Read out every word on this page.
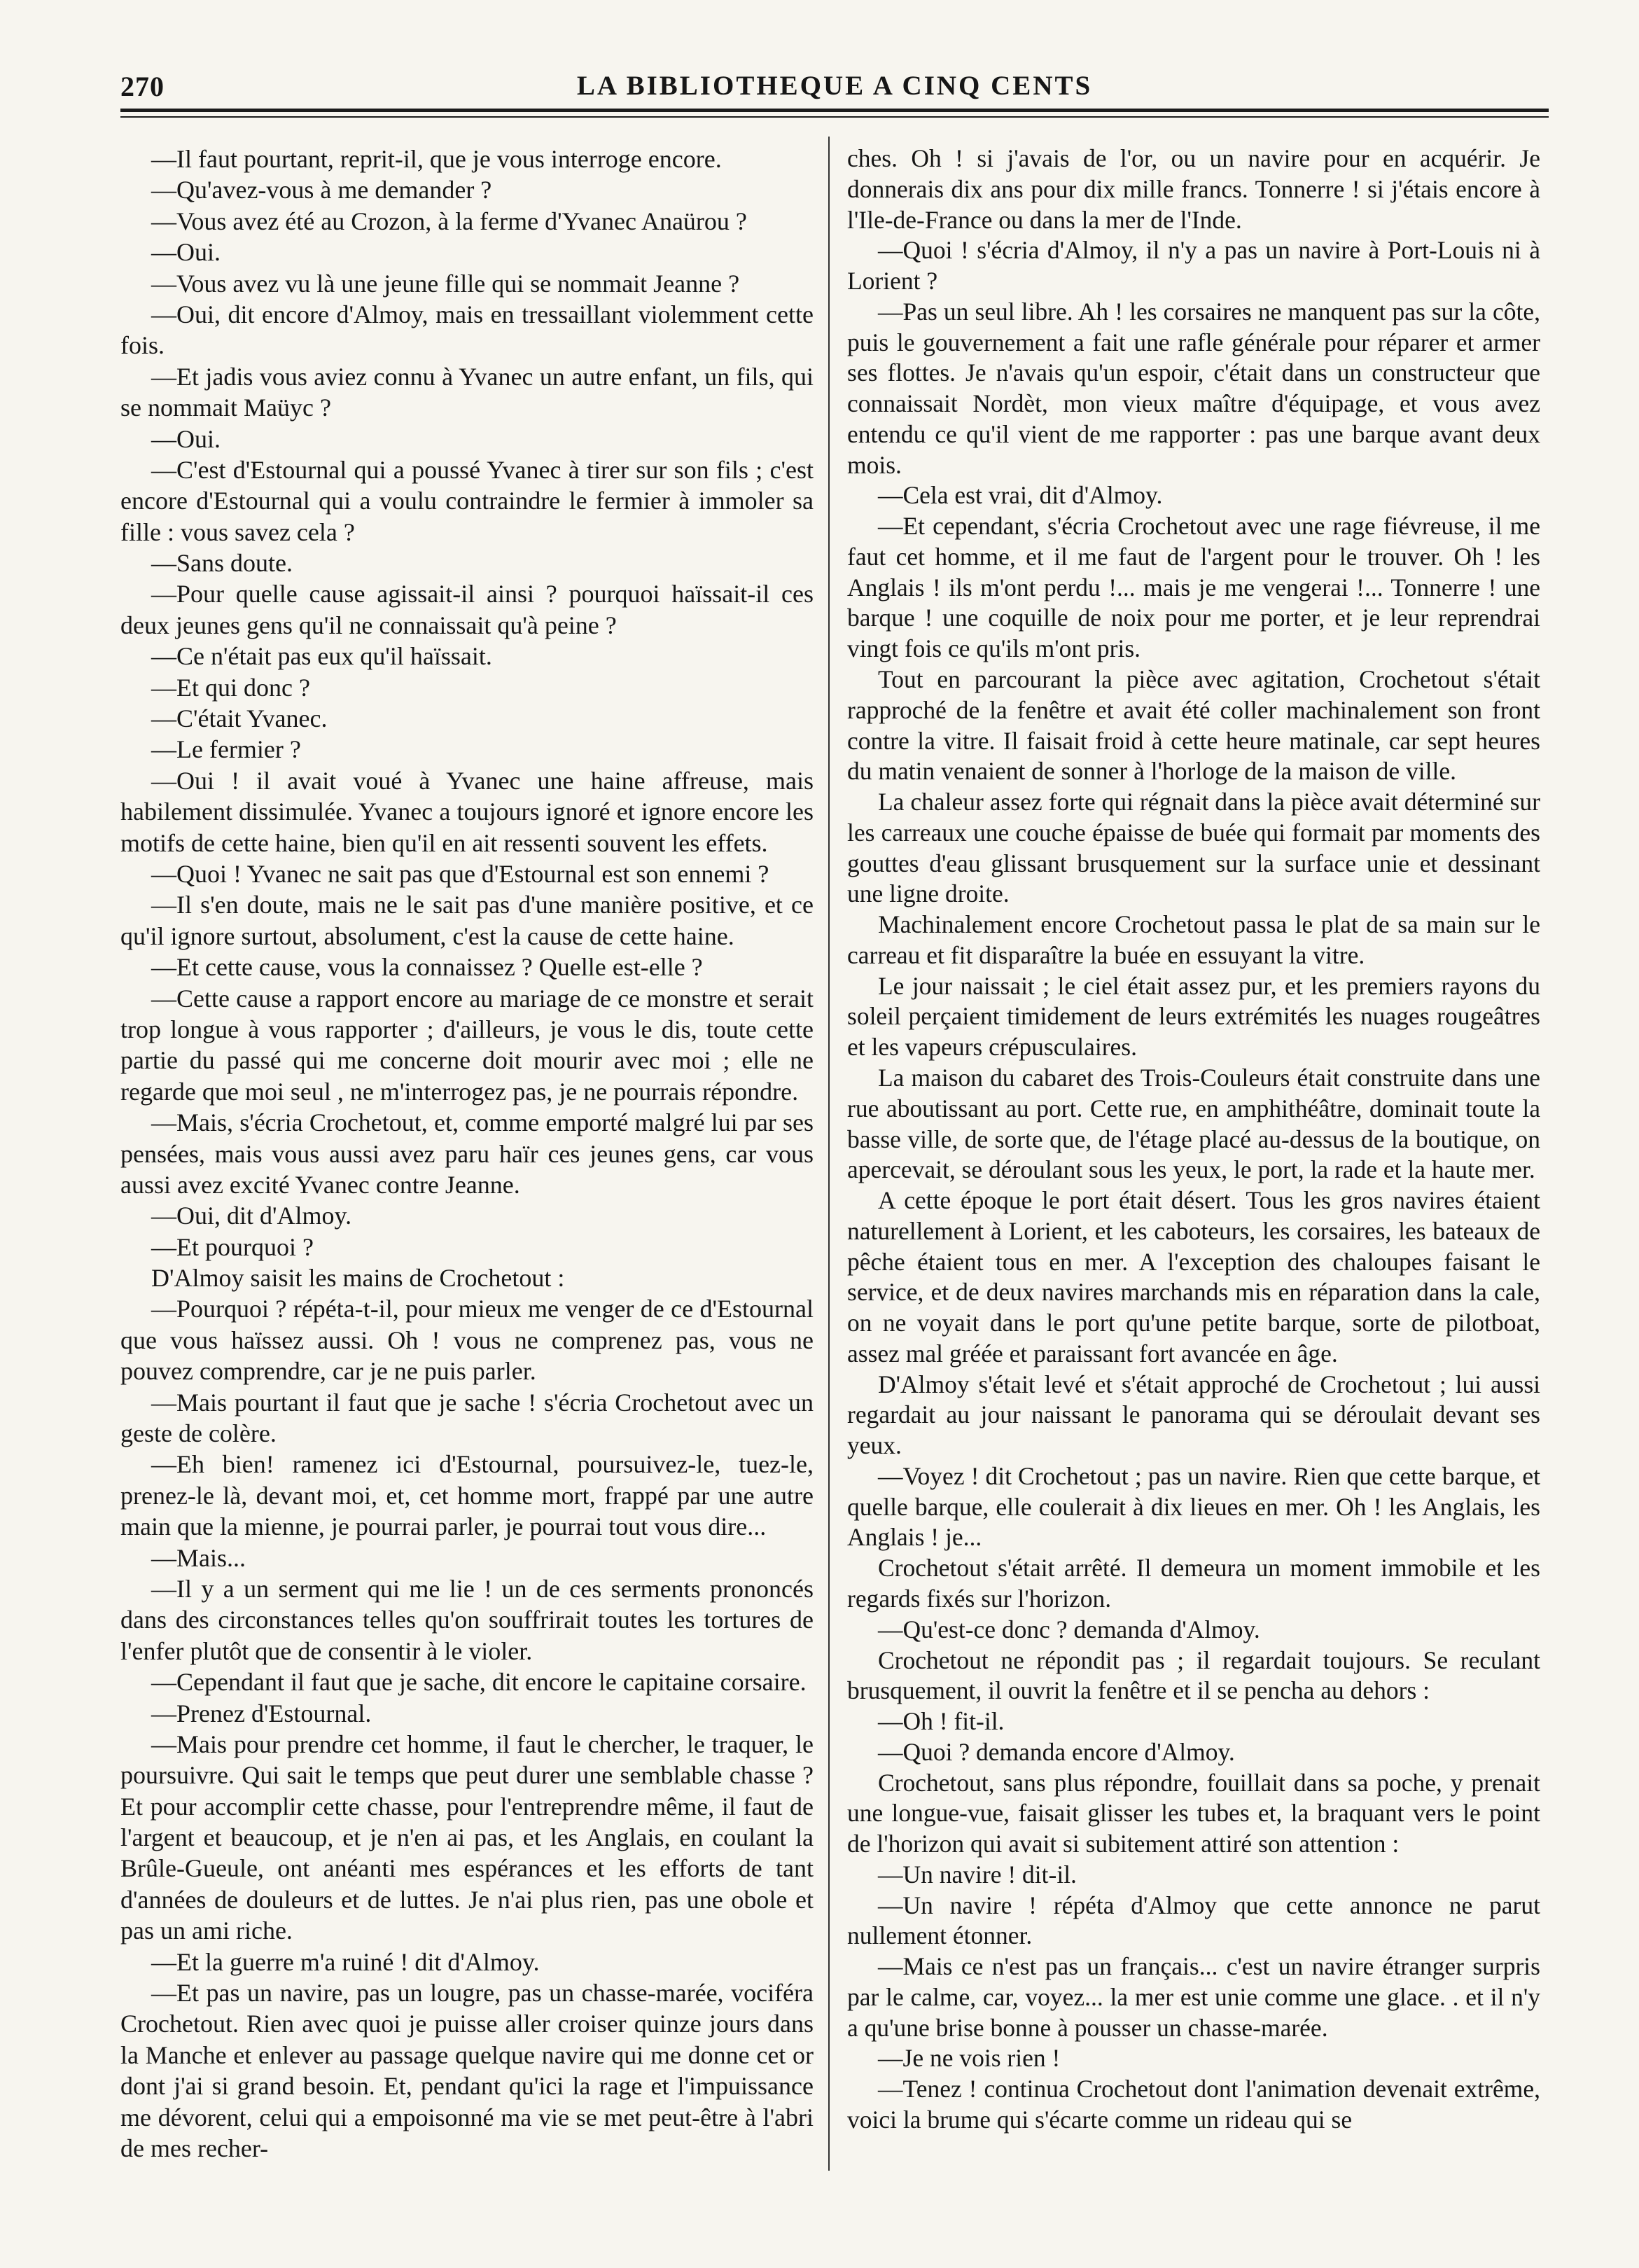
270	LA BIBLIOTHEQUE A CINQ CENTS

—Il faut pourtant, reprit-il, que je vous interroge encore.

—Qu'avez-vous à me demander ?

—Vous avez été au Crozon, à la ferme d'Yvanec Anaürou ?

—Oui.

—Vous avez vu là une jeune fille qui se nommait Jeanne ?

—Oui, dit encore d'Almoy, mais en tressaillant violemment cette fois.

—Et jadis vous aviez connu à Yvanec un autre enfant, un fils, qui se nommait Maüyc ?

—Oui.

—C'est d'Estournal qui a poussé Yvanec à tirer sur son fils ; c'est encore d'Estournal qui a voulu contraindre le fermier à immoler sa fille : vous savez cela ?

—Sans doute.

—Pour quelle cause agissait-il ainsi ? pourquoi haïssait-il ces deux jeunes gens qu'il ne connaissait qu'à peine ?

—Ce n'était pas eux qu'il haïssait.

—Et qui donc ?

—C'était Yvanec.

—Le fermier ?

—Oui ! il avait voué à Yvanec une haine affreuse, mais habilement dissimulée. Yvanec a toujours ignoré et ignore encore les motifs de cette haine, bien qu'il en ait ressenti souvent les effets.

—Quoi ! Yvanec ne sait pas que d'Estournal est son ennemi ?

—Il s'en doute, mais ne le sait pas d'une manière positive, et ce qu'il ignore surtout, absolument, c'est la cause de cette haine.

—Et cette cause, vous la connaissez ? Quelle est-elle ?

—Cette cause a rapport encore au mariage de ce monstre et serait trop longue à vous rapporter ; d'ailleurs, je vous le dis, toute cette partie du passé qui me concerne doit mourir avec moi ; elle ne regarde que moi seul , ne m'interrogez pas, je ne pourrais répondre.

—Mais, s'écria Crochetout, et, comme emporté malgré lui par ses pensées, mais vous aussi avez paru haïr ces jeunes gens, car vous aussi avez excité Yvanec contre Jeanne.

—Oui, dit d'Almoy.

—Et pourquoi ?

D'Almoy saisit les mains de Crochetout :

—Pourquoi ? répéta-t-il, pour mieux me venger de ce d'Estournal que vous haïssez aussi. Oh ! vous ne comprenez pas, vous ne pouvez comprendre, car je ne puis parler.

—Mais pourtant il faut que je sache ! s'écria Crochetout avec un geste de colère.

—Eh bien! ramenez ici d'Estournal, poursuivez-le, tuez-le, prenez-le là, devant moi, et, cet homme mort, frappé par une autre main que la mienne, je pourrai parler, je pourrai tout vous dire...

—Mais...

—Il y a un serment qui me lie ! un de ces serments prononcés dans des circonstances telles qu'on souffrirait toutes les tortures de l'enfer plutôt que de consentir à le violer.

—Cependant il faut que je sache, dit encore le capitaine corsaire.

—Prenez d'Estournal.

—Mais pour prendre cet homme, il faut le chercher, le traquer, le poursuivre. Qui sait le temps que peut durer une semblable chasse ? Et pour accomplir cette chasse, pour l'entreprendre même, il faut de l'argent et beaucoup, et je n'en ai pas, et les Anglais, en coulant la Brûle-Gueule, ont anéanti mes espérances et les efforts de tant d'années de douleurs et de luttes. Je n'ai plus rien, pas une obole et pas un ami riche.

—Et la guerre m'a ruiné ! dit d'Almoy.

—Et pas un navire, pas un lougre, pas un chasse-marée, vociféra Crochetout. Rien avec quoi je puisse aller croiser quinze jours dans la Manche et enlever au passage quelque navire qui me donne cet or dont j'ai si grand besoin. Et, pendant qu'ici la rage et l'impuissance me dévorent, celui qui a empoisonné ma vie se met peut-être à l'abri de mes recher-

ches. Oh ! si j'avais de l'or, ou un navire pour en acquérir. Je donnerais dix ans pour dix mille francs. Tonnerre ! si j'étais encore à l'Ile-de-France ou dans la mer de l'Inde.

—Quoi ! s'écria d'Almoy, il n'y a pas un navire à Port-Louis ni à Lorient ?

—Pas un seul libre. Ah ! les corsaires ne manquent pas sur la côte, puis le gouvernement a fait une rafle générale pour réparer et armer ses flottes. Je n'avais qu'un espoir, c'était dans un constructeur que connaissait Nordèt, mon vieux maître d'équipage, et vous avez entendu ce qu'il vient de me rapporter : pas une barque avant deux mois.

—Cela est vrai, dit d'Almoy.

—Et cependant, s'écria Crochetout avec une rage fiévreuse, il me faut cet homme, et il me faut de l'argent pour le trouver. Oh ! les Anglais ! ils m'ont perdu !... mais je me vengerai !... Tonnerre ! une barque ! une coquille de noix pour me porter, et je leur reprendrai vingt fois ce qu'ils m'ont pris.

Tout en parcourant la pièce avec agitation, Crochetout s'était rapproché de la fenêtre et avait été coller machinalement son front contre la vitre. Il faisait froid à cette heure matinale, car sept heures du matin venaient de sonner à l'horloge de la maison de ville.

La chaleur assez forte qui régnait dans la pièce avait déterminé sur les carreaux une couche épaisse de buée qui formait par moments des gouttes d'eau glissant brusquement sur la surface unie et dessinant une ligne droite.

Machinalement encore Crochetout passa le plat de sa main sur le carreau et fit disparaître la buée en essuyant la vitre.

Le jour naissait ; le ciel était assez pur, et les premiers rayons du soleil perçaient timidement de leurs extrémités les nuages rougeâtres et les vapeurs crépusculaires.

La maison du cabaret des Trois-Couleurs était construite dans une rue aboutissant au port. Cette rue, en amphithéâtre, dominait toute la basse ville, de sorte que, de l'étage placé au-dessus de la boutique, on apercevait, se déroulant sous les yeux, le port, la rade et la haute mer.

A cette époque le port était désert. Tous les gros navires étaient naturellement à Lorient, et les caboteurs, les corsaires, les bateaux de pêche étaient tous en mer. A l'exception des chaloupes faisant le service, et de deux navires marchands mis en réparation dans la cale, on ne voyait dans le port qu'une petite barque, sorte de pilotboat, assez mal gréée et paraissant fort avancée en âge.

D'Almoy s'était levé et s'était approché de Crochetout ; lui aussi regardait au jour naissant le panorama qui se déroulait devant ses yeux.

—Voyez ! dit Crochetout ; pas un navire. Rien que cette barque, et quelle barque, elle coulerait à dix lieues en mer. Oh ! les Anglais, les Anglais ! je...

Crochetout s'était arrêté. Il demeura un moment immobile et les regards fixés sur l'horizon.

—Qu'est-ce donc ? demanda d'Almoy.

Crochetout ne répondit pas ; il regardait toujours. Se reculant brusquement, il ouvrit la fenêtre et il se pencha au dehors :

—Oh ! fit-il.

—Quoi ? demanda encore d'Almoy.

Crochetout, sans plus répondre, fouillait dans sa poche, y prenait une longue-vue, faisait glisser les tubes et, la braquant vers le point de l'horizon qui avait si subitement attiré son attention :

—Un navire ! dit-il.

—Un navire ! répéta d'Almoy que cette annonce ne parut nullement étonner.

—Mais ce n'est pas un français... c'est un navire étranger surpris par le calme, car, voyez... la mer est unie comme une glace. . et il n'y a qu'une brise bonne à pousser un chasse-marée.

—Je ne vois rien !

—Tenez ! continua Crochetout dont l'animation devenait extrême, voici la brume qui s'écarte comme un rideau qui se
